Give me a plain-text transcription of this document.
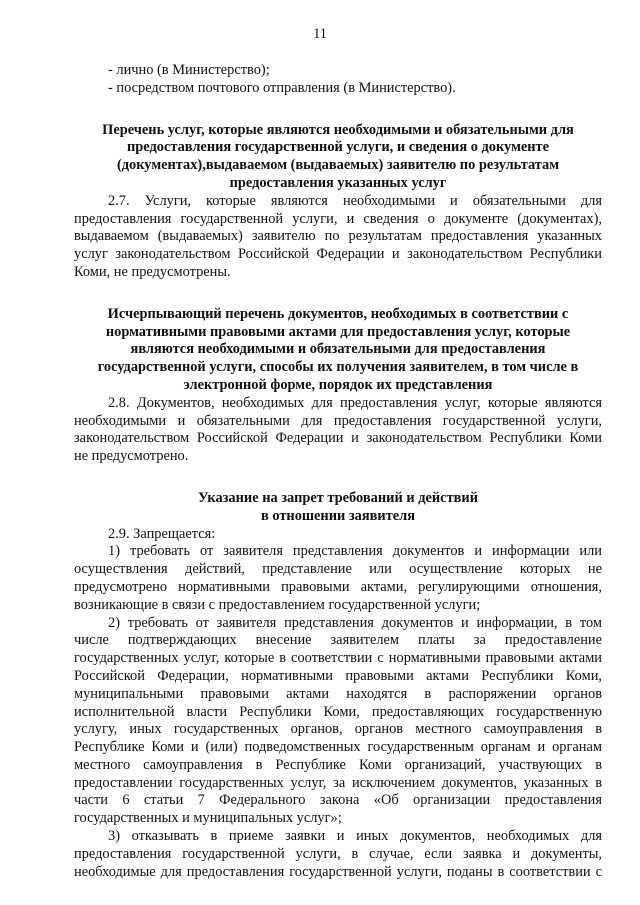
11
- лично (в Министерство);
- посредством почтового отправления (в Министерство).
Перечень услуг, которые являются необходимыми и обязательными для
предоставления государственной услуги, и сведения о документе
(документах),выдаваемом (выдаваемых) заявителю по результатам
предоставления указанных услуг
2.7. Услуги, которые являются необходимыми и обязательными для
предоставления государственной услуги, и сведения о документе (документах),
выдаваемом (выдаваемых) заявителю по результатам предоставления указанных
услуг законодательством Российской Федерации и законодательством Республики
Коми, не предусмотрены.
Исчерпывающий перечень документов, необходимых в соответствии с
нормативными правовыми актами для предоставления услуг, которые
являются необходимыми и обязательными для предоставления
государственной услуги, способы их получения заявителем, в том числе в
электронной форме, порядок их представления
2.8. Документов, необходимых для предоставления услуг, которые являются
необходимыми и обязательными для предоставления государственной услуги,
законодательством Российской Федерации и законодательством Республики Коми
не предусмотрено.
Указание на запрет требований и действий
в отношении заявителя
2.9. Запрещается:
1) требовать от заявителя представления документов и информации или
осуществления действий, представление или осуществление которых не
предусмотрено нормативными правовыми актами, регулирующими отношения,
возникающие в связи с предоставлением государственной услуги;
2) требовать от заявителя представления документов и информации, в том
числе подтверждающих внесение заявителем платы за предоставление
государственных услуг, которые в соответствии с нормативными правовыми актами
Российской Федерации, нормативными правовыми актами Республики Коми,
муниципальными правовыми актами находятся в распоряжении органов
исполнительной власти Республики Коми, предоставляющих государственную
услугу, иных государственных органов, органов местного самоуправления в
Республике Коми и (или) подведомственных государственным органам и органам
местного самоуправления в Республике Коми организаций, участвующих в
предоставлении государственных услуг, за исключением документов, указанных в
части 6 статьи 7 Федерального закона «Об организации предоставления
государственных и муниципальных услуг»;
3) отказывать в приеме заявки и иных документов, необходимых для
предоставления государственной услуги, в случае, если заявка и документы,
необходимые для предоставления государственной услуги, поданы в соответствии с
